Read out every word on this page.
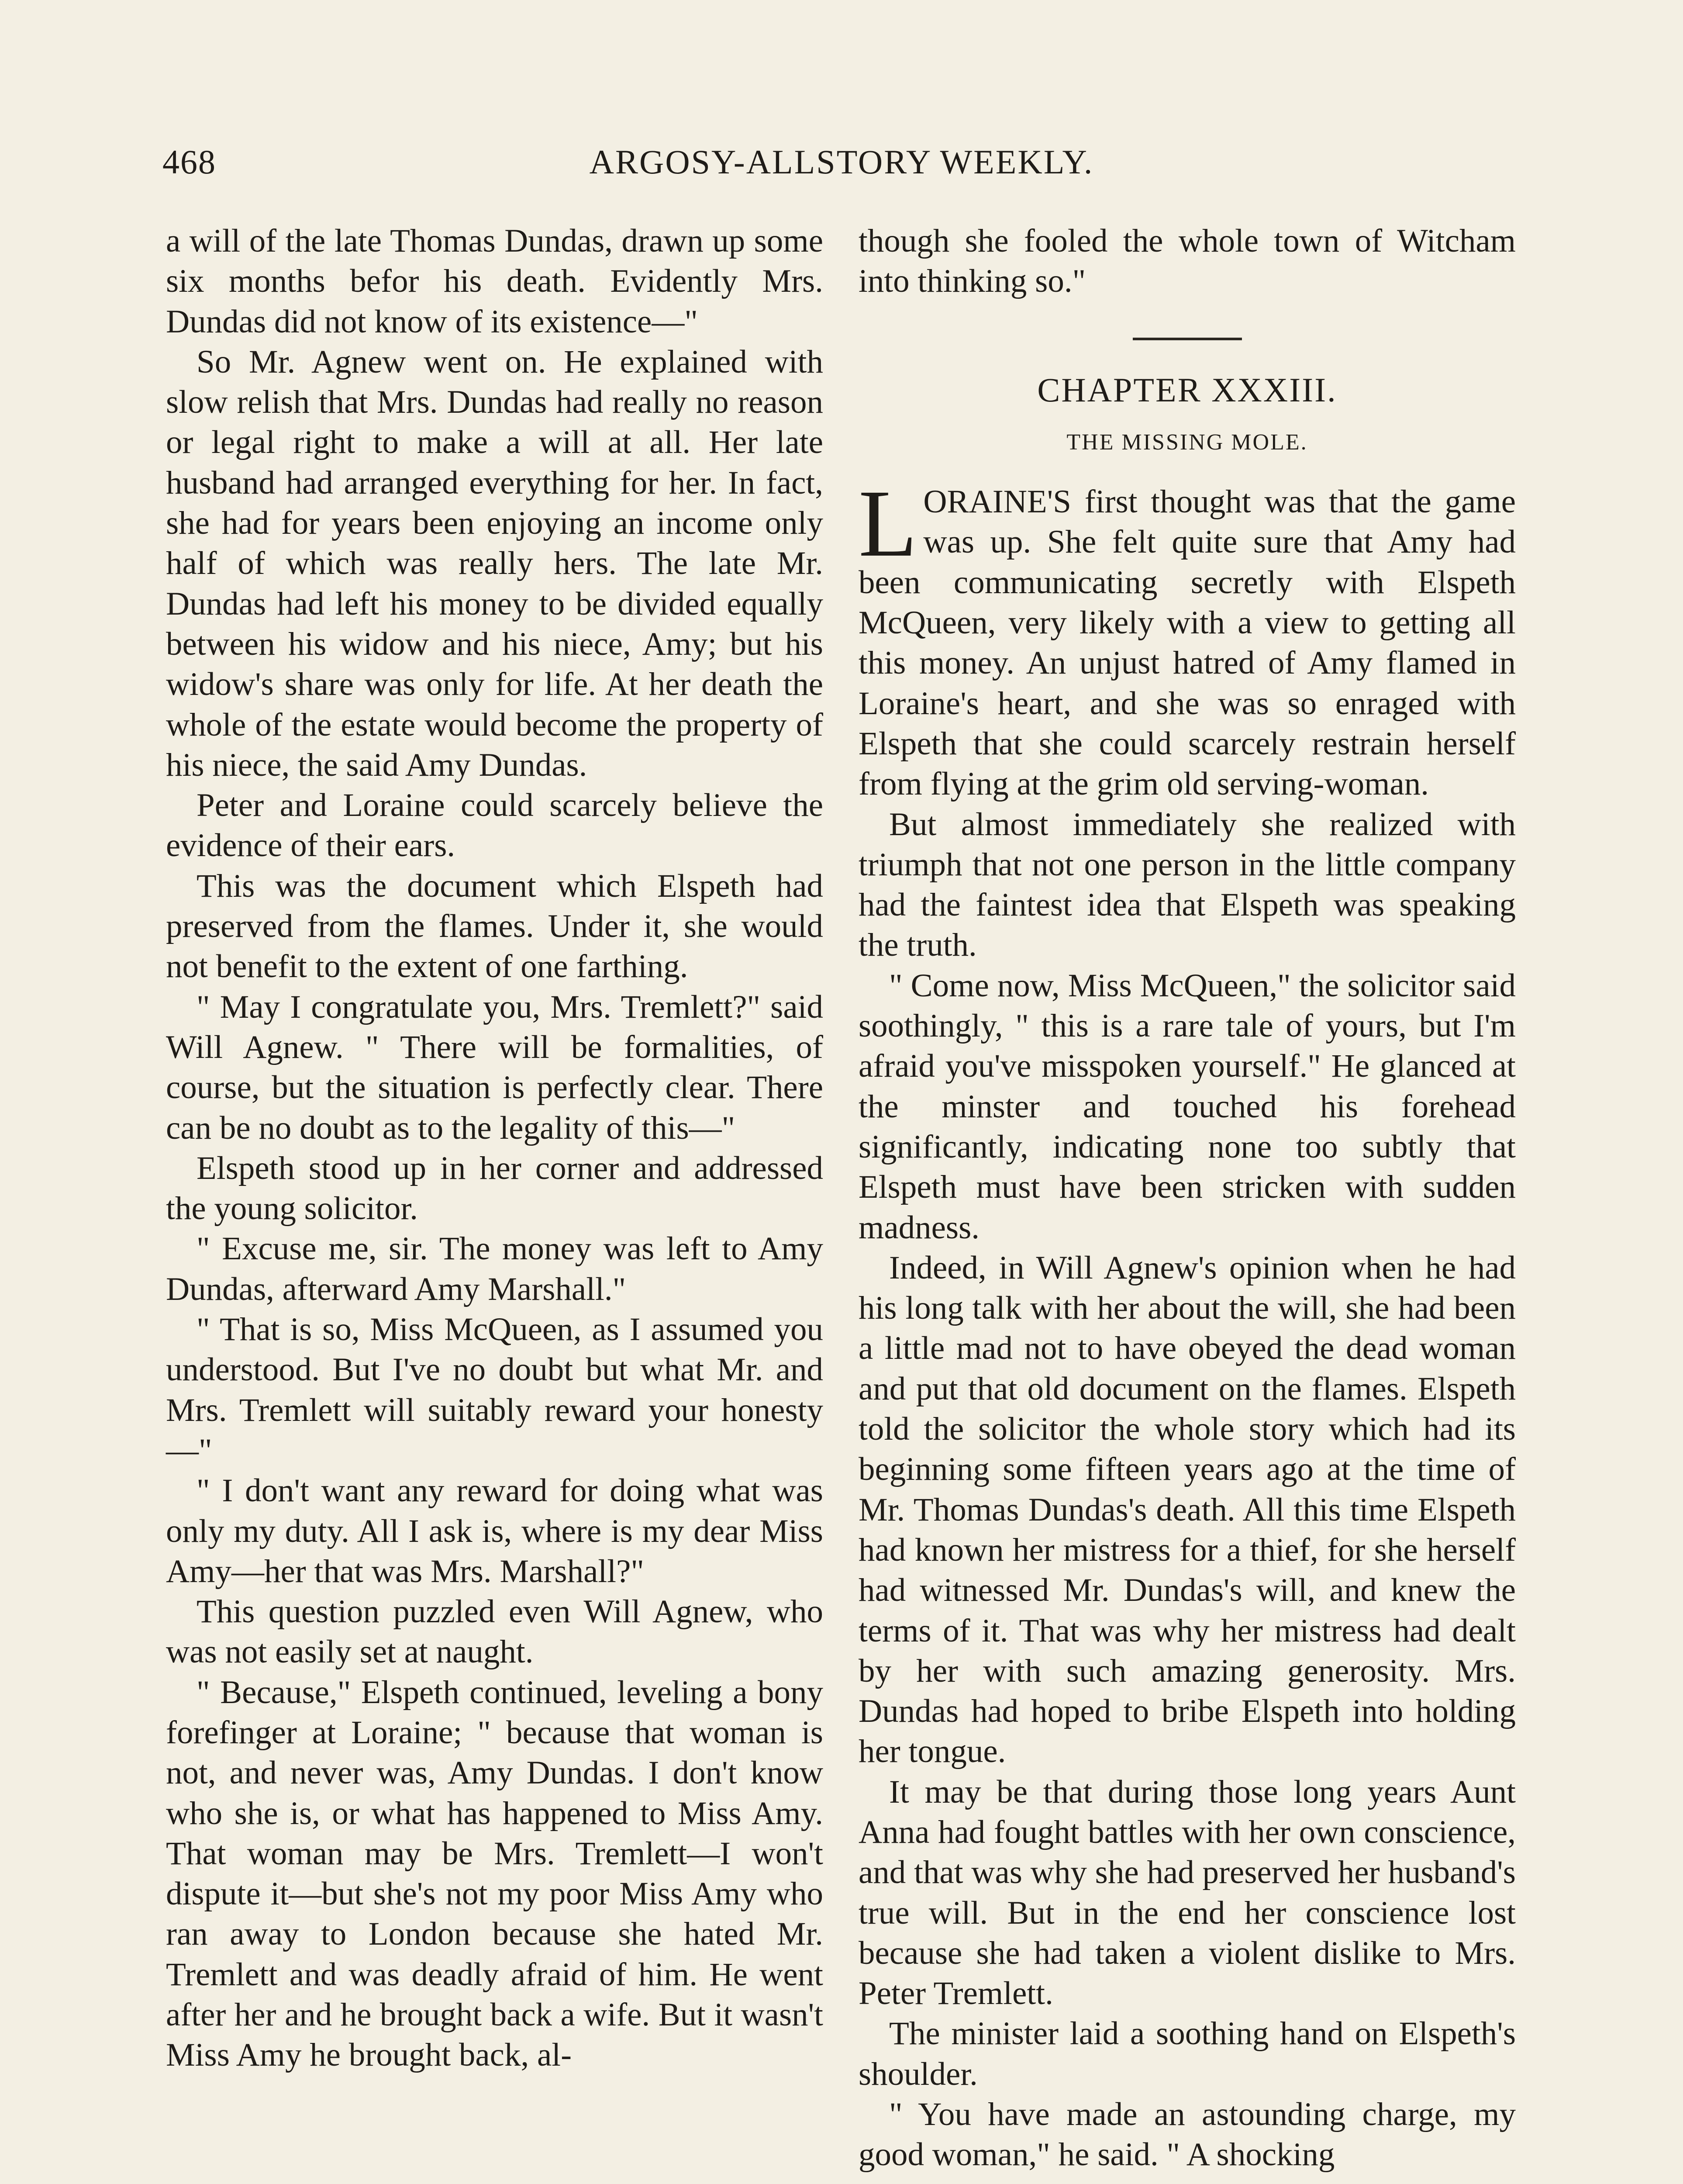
468	ARGOSY-ALLSTORY WEEKLY.

a will of the late Thomas Dundas, drawn up some six months befor his death. Evidently Mrs. Dundas did not know of its existence—"

So Mr. Agnew went on. He explained with slow relish that Mrs. Dundas had really no reason or legal right to make a will at all. Her late husband had arranged everything for her. In fact, she had for years been enjoying an income only half of which was really hers. The late Mr. Dundas had left his money to be divided equally between his widow and his niece, Amy; but his widow's share was only for life. At her death the whole of the estate would become the property of his niece, the said Amy Dundas.

Peter and Loraine could scarcely believe the evidence of their ears.

This was the document which Elspeth had preserved from the flames. Under it, she would not benefit to the extent of one farthing.

" May I congratulate you, Mrs. Tremlett?" said Will Agnew. " There will be formalities, of course, but the situation is perfectly clear. There can be no doubt as to the legality of this—"

Elspeth stood up in her corner and addressed the young solicitor.

" Excuse me, sir. The money was left to Amy Dundas, afterward Amy Marshall."

" That is so, Miss McQueen, as I assumed you understood. But I've no doubt but what Mr. and Mrs. Tremlett will suitably reward your honesty—"

" I don't want any reward for doing what was only my duty. All I ask is, where is my dear Miss Amy—her that was Mrs. Marshall?"

This question puzzled even Will Agnew, who was not easily set at naught.

" Because," Elspeth continued, leveling a bony forefinger at Loraine; " because that woman is not, and never was, Amy Dundas. I don't know who she is, or what has happened to Miss Amy. That woman may be Mrs. Tremlett—I won't dispute it—but she's not my poor Miss Amy who ran away to London because she hated Mr. Tremlett and was deadly afraid of him. He went after her and he brought back a wife. But it wasn't Miss Amy he brought back, al-

though she fooled the whole town of Witcham into thinking so."

CHAPTER XXXIII.
THE MISSING MOLE.

LORAINE'S first thought was that the game was up. She felt quite sure that Amy had been communicating secretly with Elspeth McQueen, very likely with a view to getting all this money. An unjust hatred of Amy flamed in Loraine's heart, and she was so enraged with Elspeth that she could scarcely restrain herself from flying at the grim old serving-woman.

But almost immediately she realized with triumph that not one person in the little company had the faintest idea that Elspeth was speaking the truth.

" Come now, Miss McQueen," the solicitor said soothingly, " this is a rare tale of yours, but I'm afraid you've misspoken yourself." He glanced at the minster and touched his forehead significantly, indicating none too subtly that Elspeth must have been stricken with sudden madness.

Indeed, in Will Agnew's opinion when he had his long talk with her about the will, she had been a little mad not to have obeyed the dead woman and put that old document on the flames. Elspeth told the solicitor the whole story which had its beginning some fifteen years ago at the time of Mr. Thomas Dundas's death. All this time Elspeth had known her mistress for a thief, for she herself had witnessed Mr. Dundas's will, and knew the terms of it. That was why her mistress had dealt by her with such amazing generosity. Mrs. Dundas had hoped to bribe Elspeth into holding her tongue.

It may be that during those long years Aunt Anna had fought battles with her own conscience, and that was why she had preserved her husband's true will. But in the end her conscience lost because she had taken a violent dislike to Mrs. Peter Tremlett.

The minister laid a soothing hand on Elspeth's shoulder.

" You have made an astounding charge, my good woman," he said. " A shocking
